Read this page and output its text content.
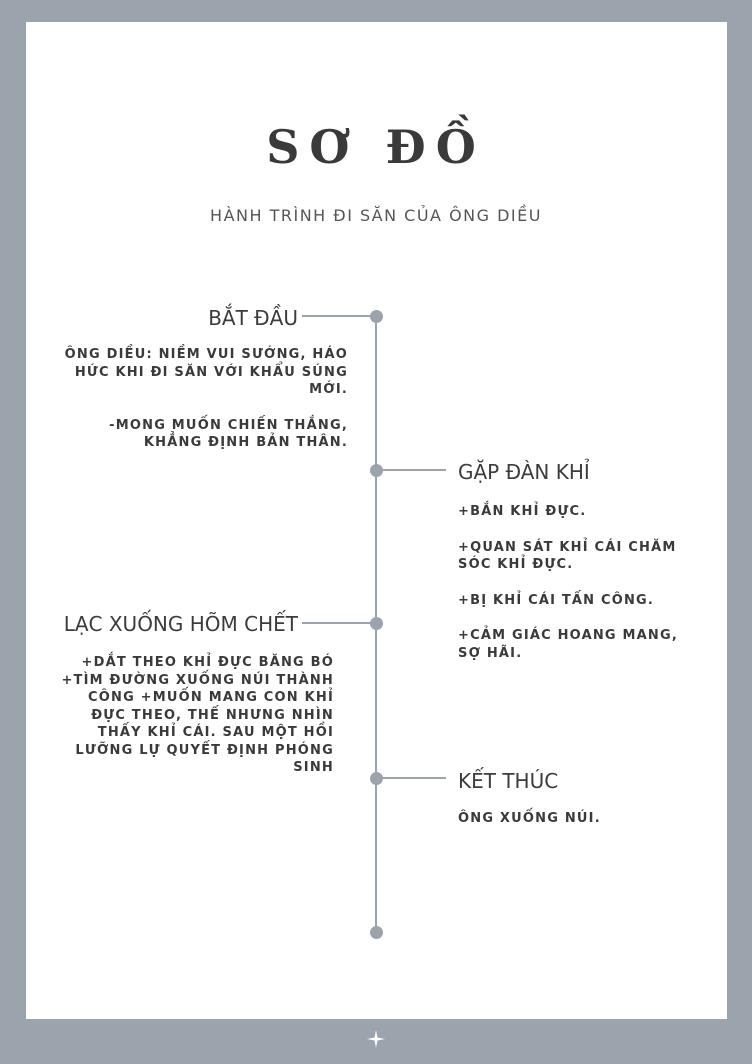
SƠ ĐỒ

HÀNH TRÌNH ĐI SĂN CỦA ÔNG DIỀU

BẮT ĐẦU

ÔNG DIỀU: NIỀM VUI SƯỚNG, HÁO HỨC KHI ĐI SĂN VỚI KHẨU SÚNG MỚI.
-MONG MUỐN CHIẾN THẮNG, KHẲNG ĐỊNH BẢN THÂN.

GẶP ĐÀN KHỈ

+BẮN KHỈ ĐỰC.
+QUAN SÁT KHỈ CÁI CHĂM SÓC KHỈ ĐỰC.
+BỊ KHỈ CÁI TẤN CÔNG.
+CẢM GIÁC HOANG MANG, SỢ HÃI.

LẠC XUỐNG HÕM CHẾT

+DẮT THEO KHỈ ĐỰC BĂNG BÓ +TÌM ĐƯỜNG XUỐNG NÚI THÀNH CÔNG +MUỐN MANG CON KHỈ ĐỰC THEO, THẾ NHƯNG NHÌN THẤY KHỈ CÁI. SAU MỘT HỒI LƯỠNG LỰ QUYẾT ĐỊNH PHÓNG SINH

KẾT THÚC

ÔNG XUỐNG NÚI.
